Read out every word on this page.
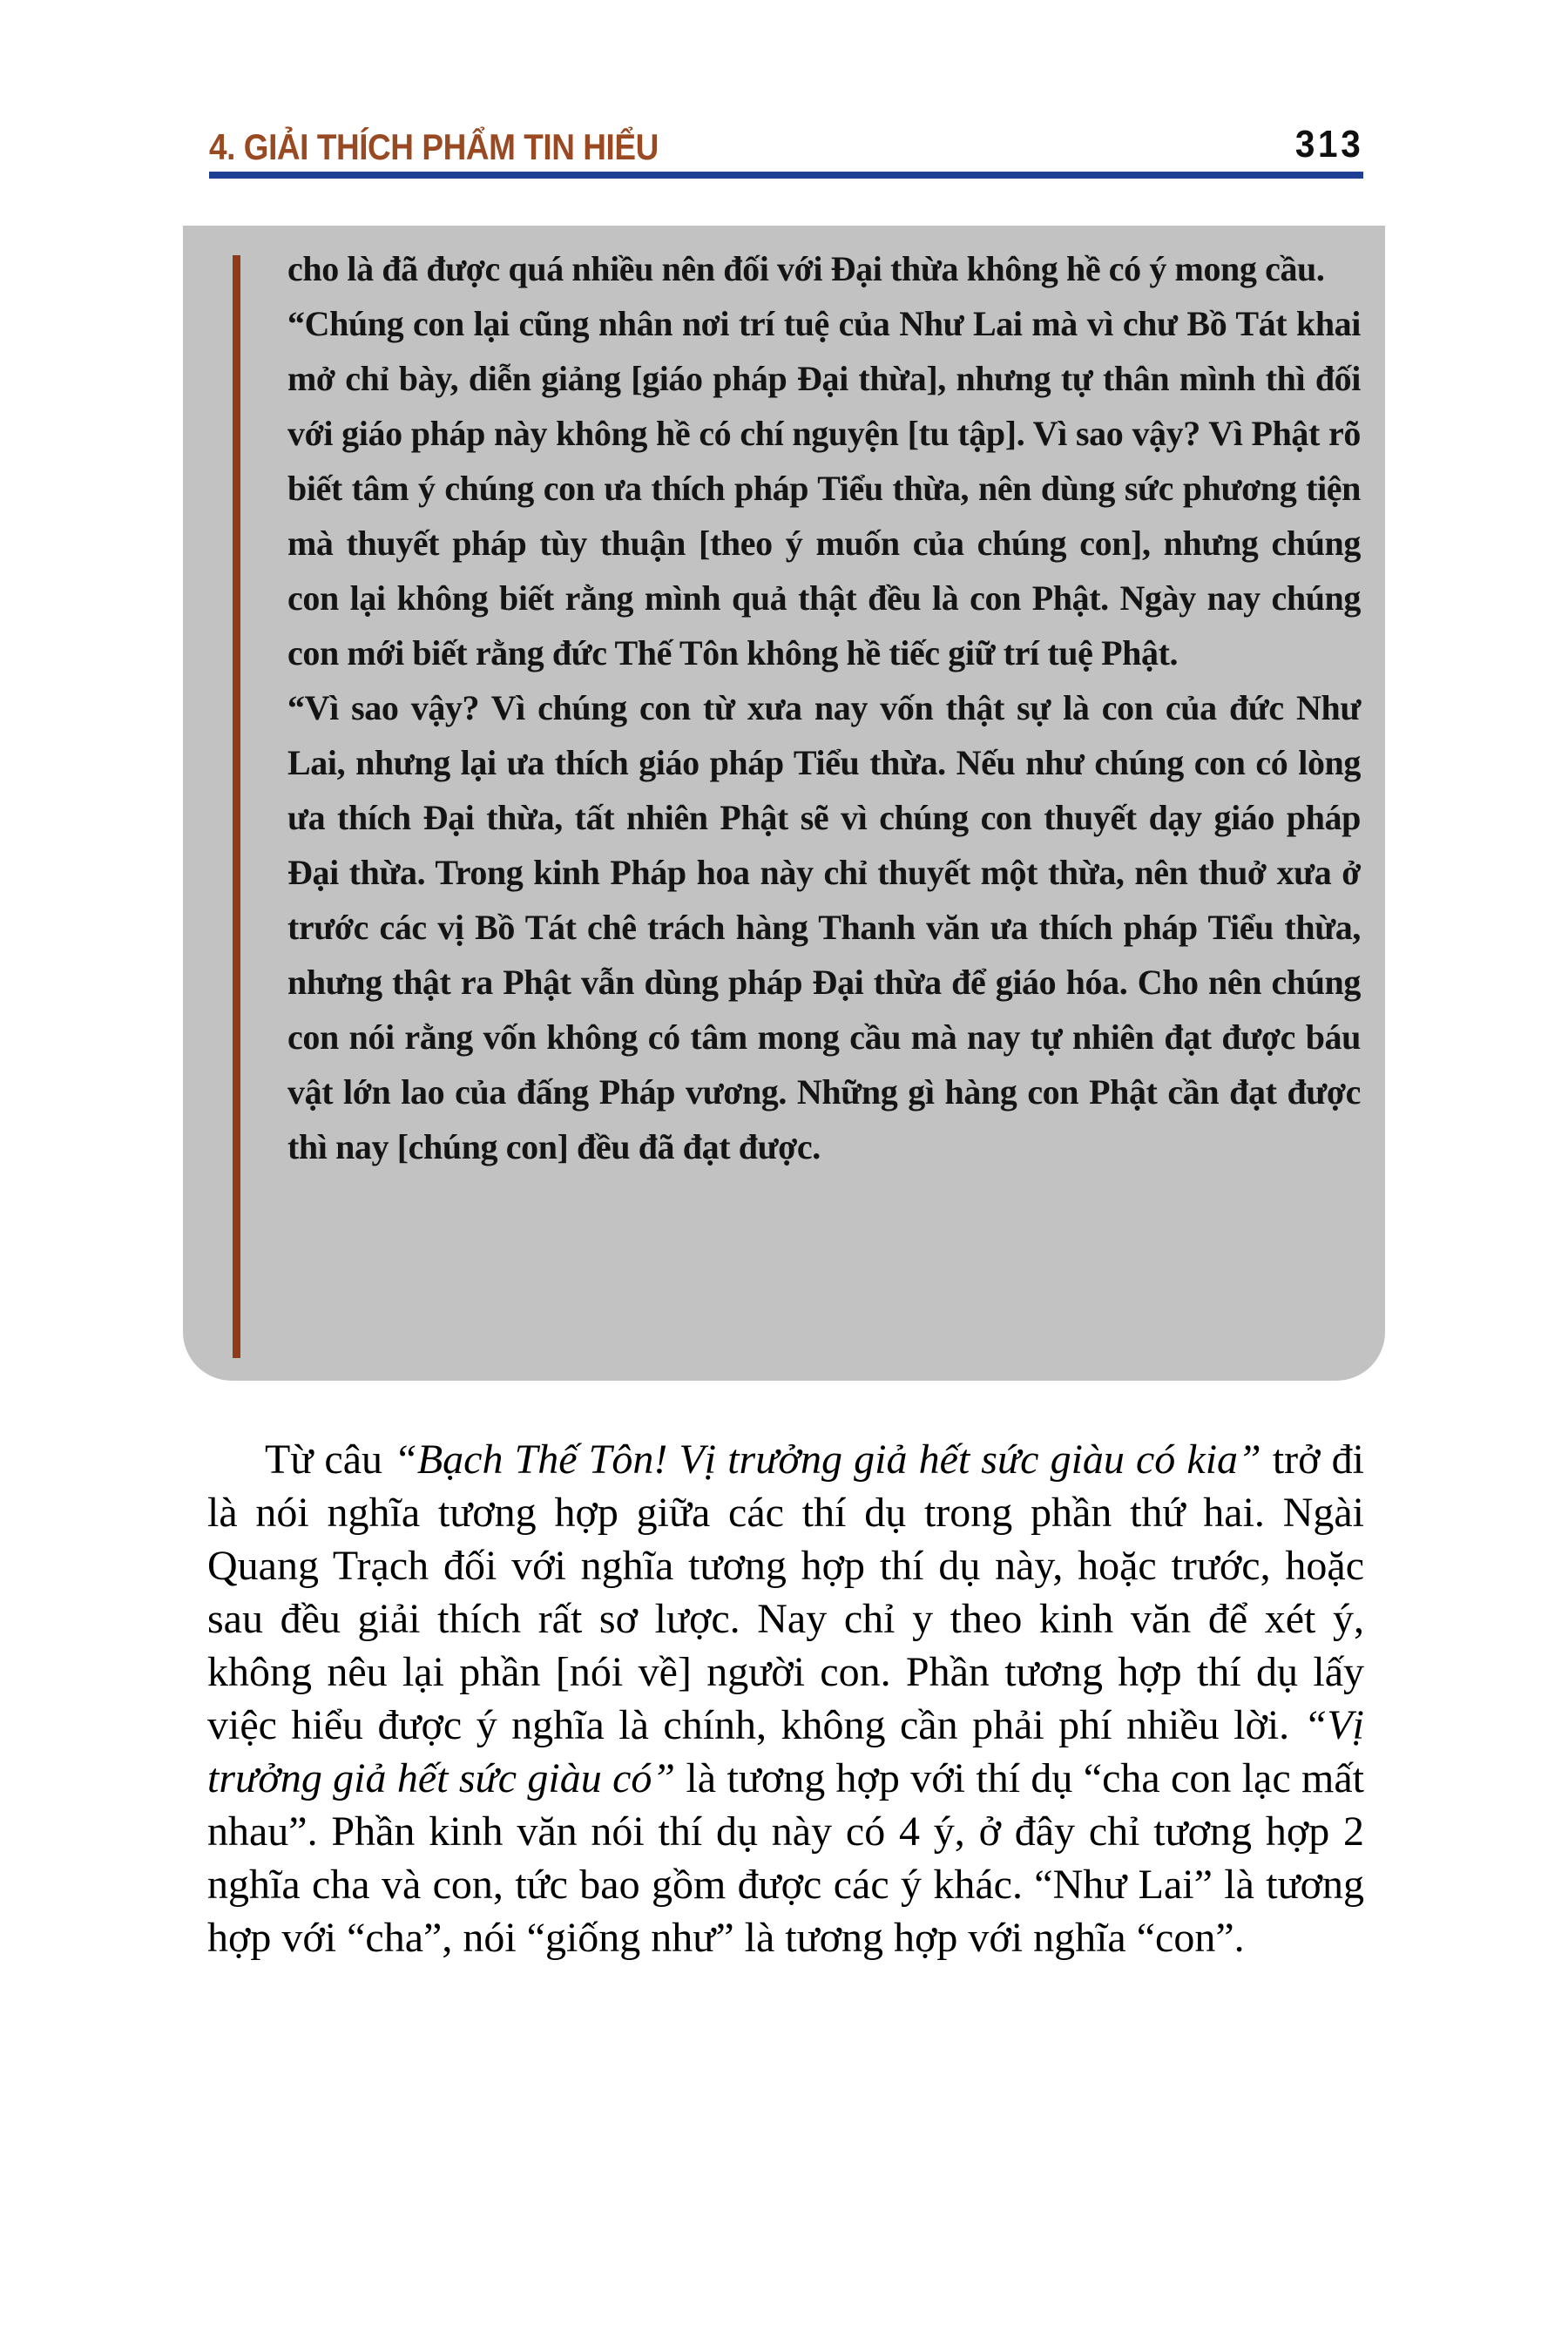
4. GIẢI THÍCH PHẨM TIN HIỂU	313

cho là đã được quá nhiều nên đối với Đại thừa không hề có ý mong cầu.

“Chúng con lại cũng nhân nơi trí tuệ của Như Lai mà vì chư Bồ Tát khai mở chỉ bày, diễn giảng [giáo pháp Đại thừa], nhưng tự thân mình thì đối với giáo pháp này không hề có chí nguyện [tu tập]. Vì sao vậy? Vì Phật rõ biết tâm ý chúng con ưa thích pháp Tiểu thừa, nên dùng sức phương tiện mà thuyết pháp tùy thuận [theo ý muốn của chúng con], nhưng chúng con lại không biết rằng mình quả thật đều là con Phật. Ngày nay chúng con mới biết rằng đức Thế Tôn không hề tiếc giữ trí tuệ Phật.

“Vì sao vậy? Vì chúng con từ xưa nay vốn thật sự là con của đức Như Lai, nhưng lại ưa thích giáo pháp Tiểu thừa. Nếu như chúng con có lòng ưa thích Đại thừa, tất nhiên Phật sẽ vì chúng con thuyết dạy giáo pháp Đại thừa. Trong kinh Pháp hoa này chỉ thuyết một thừa, nên thuở xưa ở trước các vị Bồ Tát chê trách hàng Thanh văn ưa thích pháp Tiểu thừa, nhưng thật ra Phật vẫn dùng pháp Đại thừa để giáo hóa. Cho nên chúng con nói rằng vốn không có tâm mong cầu mà nay tự nhiên đạt được báu vật lớn lao của đấng Pháp vương. Những gì hàng con Phật cần đạt được thì nay [chúng con] đều đã đạt được.

Từ câu “Bạch Thế Tôn! Vị trưởng giả hết sức giàu có kia” trở đi là nói nghĩa tương hợp giữa các thí dụ trong phần thứ hai. Ngài Quang Trạch đối với nghĩa tương hợp thí dụ này, hoặc trước, hoặc sau đều giải thích rất sơ lược. Nay chỉ y theo kinh văn để xét ý, không nêu lại phần [nói về] người con. Phần tương hợp thí dụ lấy việc hiểu được ý nghĩa là chính, không cần phải phí nhiều lời. “Vị trưởng giả hết sức giàu có” là tương hợp với thí dụ “cha con lạc mất nhau”. Phần kinh văn nói thí dụ này có 4 ý, ở đây chỉ tương hợp 2 nghĩa cha và con, tức bao gồm được các ý khác. “Như Lai” là tương hợp với “cha”, nói “giống như” là tương hợp với nghĩa “con”.
